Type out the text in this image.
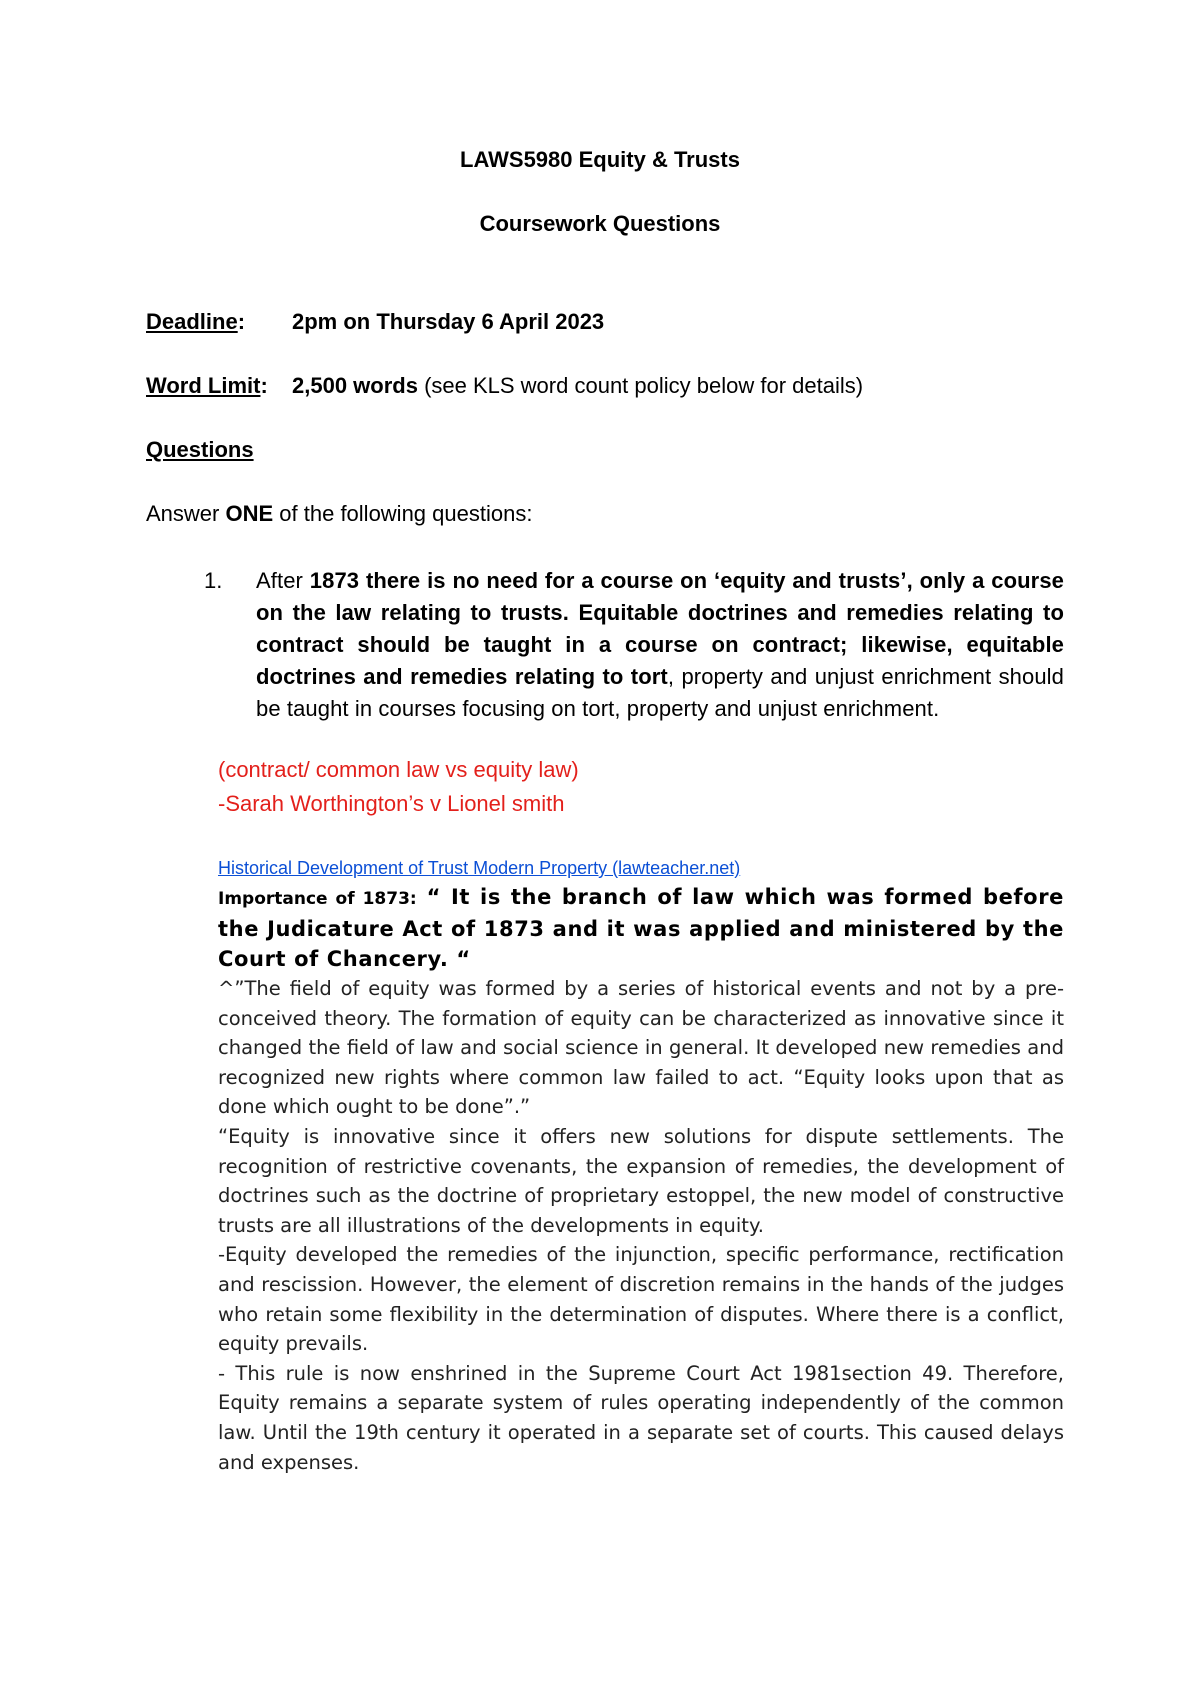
LAWS5980 Equity & Trusts
Coursework Questions
Deadline: 2pm on Thursday 6 April 2023
Word Limit: 2,500 words (see KLS word count policy below for details)
Questions
Answer ONE of the following questions:
1. After 1873 there is no need for a course on ‘equity and trusts’, only a course on the law relating to trusts. Equitable doctrines and remedies relating to contract should be taught in a course on contract; likewise, equitable doctrines and remedies relating to tort, property and unjust enrichment should be taught in courses focusing on tort, property and unjust enrichment.
(contract/ common law vs equity law)
-Sarah Worthington’s v Lionel smith
Historical Development of Trust Modern Property (lawteacher.net)
Importance of 1873: “ It is the branch of law which was formed before the Judicature Act of 1873 and it was applied and ministered by the Court of Chancery. “

^”The field of equity was formed by a series of historical events and not by a pre-conceived theory. The formation of equity can be characterized as innovative since it changed the field of law and social science in general. It developed new remedies and recognized new rights where common law failed to act. “Equity looks upon that as done which ought to be done”.”

“Equity is innovative since it offers new solutions for dispute settlements. The recognition of restrictive covenants, the expansion of remedies, the development of doctrines such as the doctrine of proprietary estoppel, the new model of constructive trusts are all illustrations of the developments in equity.

-Equity developed the remedies of the injunction, specific performance, rectification and rescission. However, the element of discretion remains in the hands of the judges who retain some flexibility in the determination of disputes. Where there is a conflict, equity prevails.

- This rule is now enshrined in the Supreme Court Act 1981section 49. Therefore, Equity remains a separate system of rules operating independently of the common law. Until the 19th century it operated in a separate set of courts. This caused delays and expenses.
